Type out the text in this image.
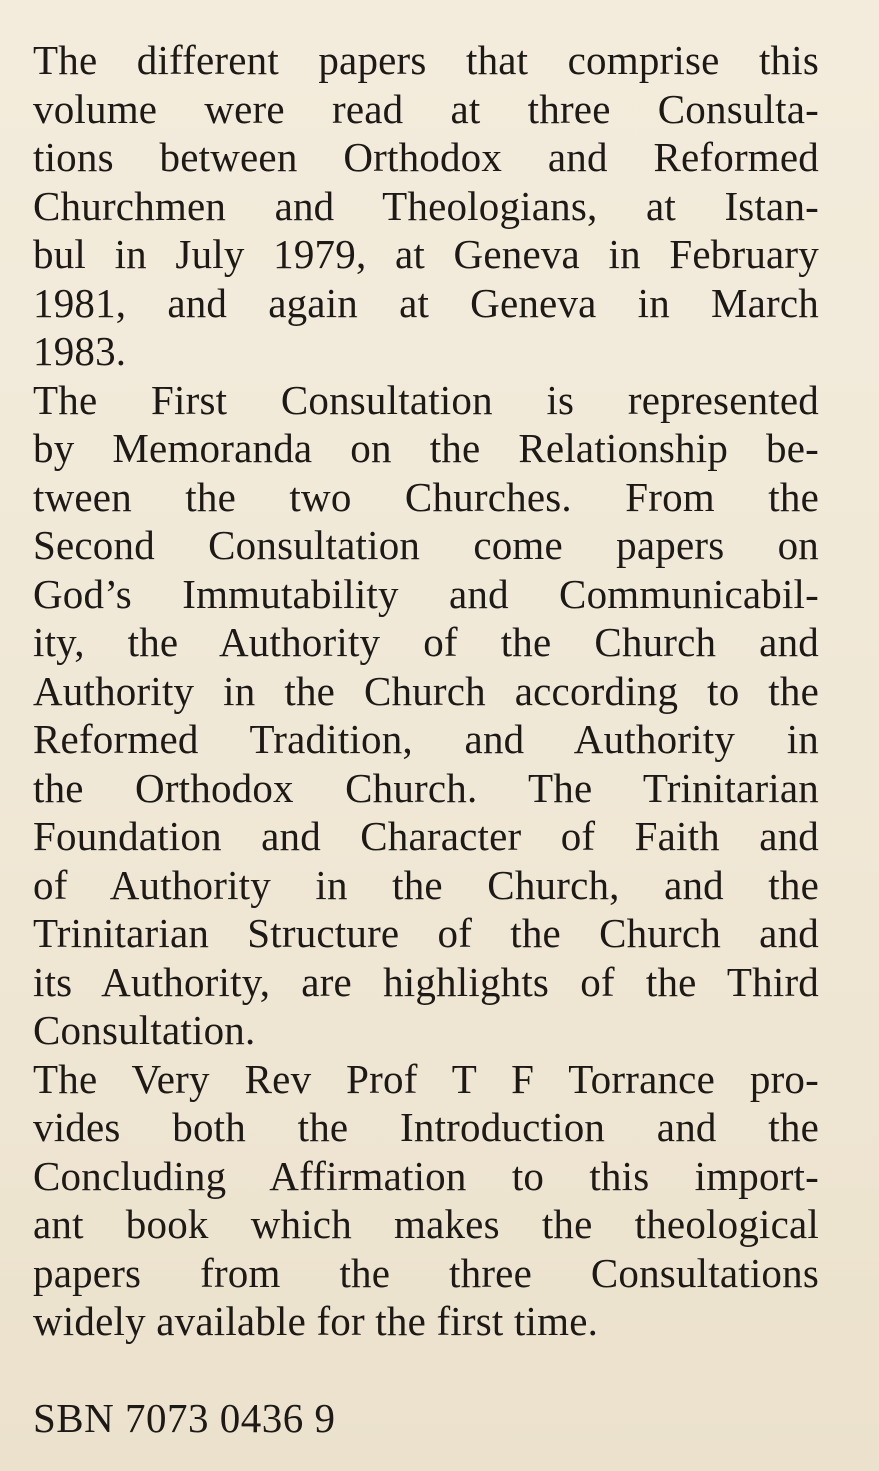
The different papers that comprise this
volume were read at three Consulta-
tions between Orthodox and Reformed
Churchmen and Theologians, at Istan-
bul in July 1979, at Geneva in February
1981, and again at Geneva in March
1983.
The First Consultation is represented
by Memoranda on the Relationship be-
tween the two Churches. From the
Second Consultation come papers on
God’s Immutability and Communicabil-
ity, the Authority of the Church and
Authority in the Church according to the
Reformed Tradition, and Authority in
the Orthodox Church. The Trinitarian
Foundation and Character of Faith and
of Authority in the Church, and the
Trinitarian Structure of the Church and
its Authority, are highlights of the Third
Consultation.
The Very Rev Prof T F Torrance pro-
vides both the Introduction and the
Concluding Affirmation to this import-
ant book which makes the theological
papers from the three Consultations
widely available for the first time.
SBN 7073 0436 9
